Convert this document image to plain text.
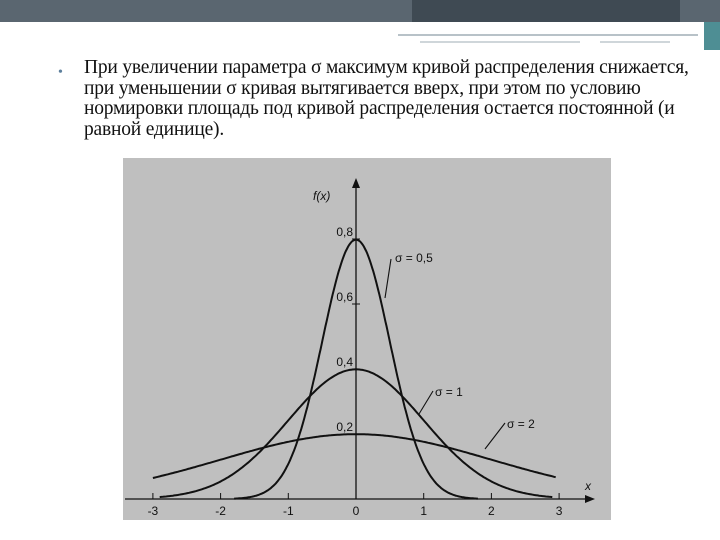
• При увеличении параметра σ максимум кривой распределения снижается, при уменьшении σ кривая вытягивается вверх, при этом по условию нормировки площадь под кривой распределения остается постоянной (и равной единице).
-3	-2	-1	0	1	2	3
0,8
0,6
0,4
0,2
σ = 0,5
σ = 1
σ = 2
f(x)
x
